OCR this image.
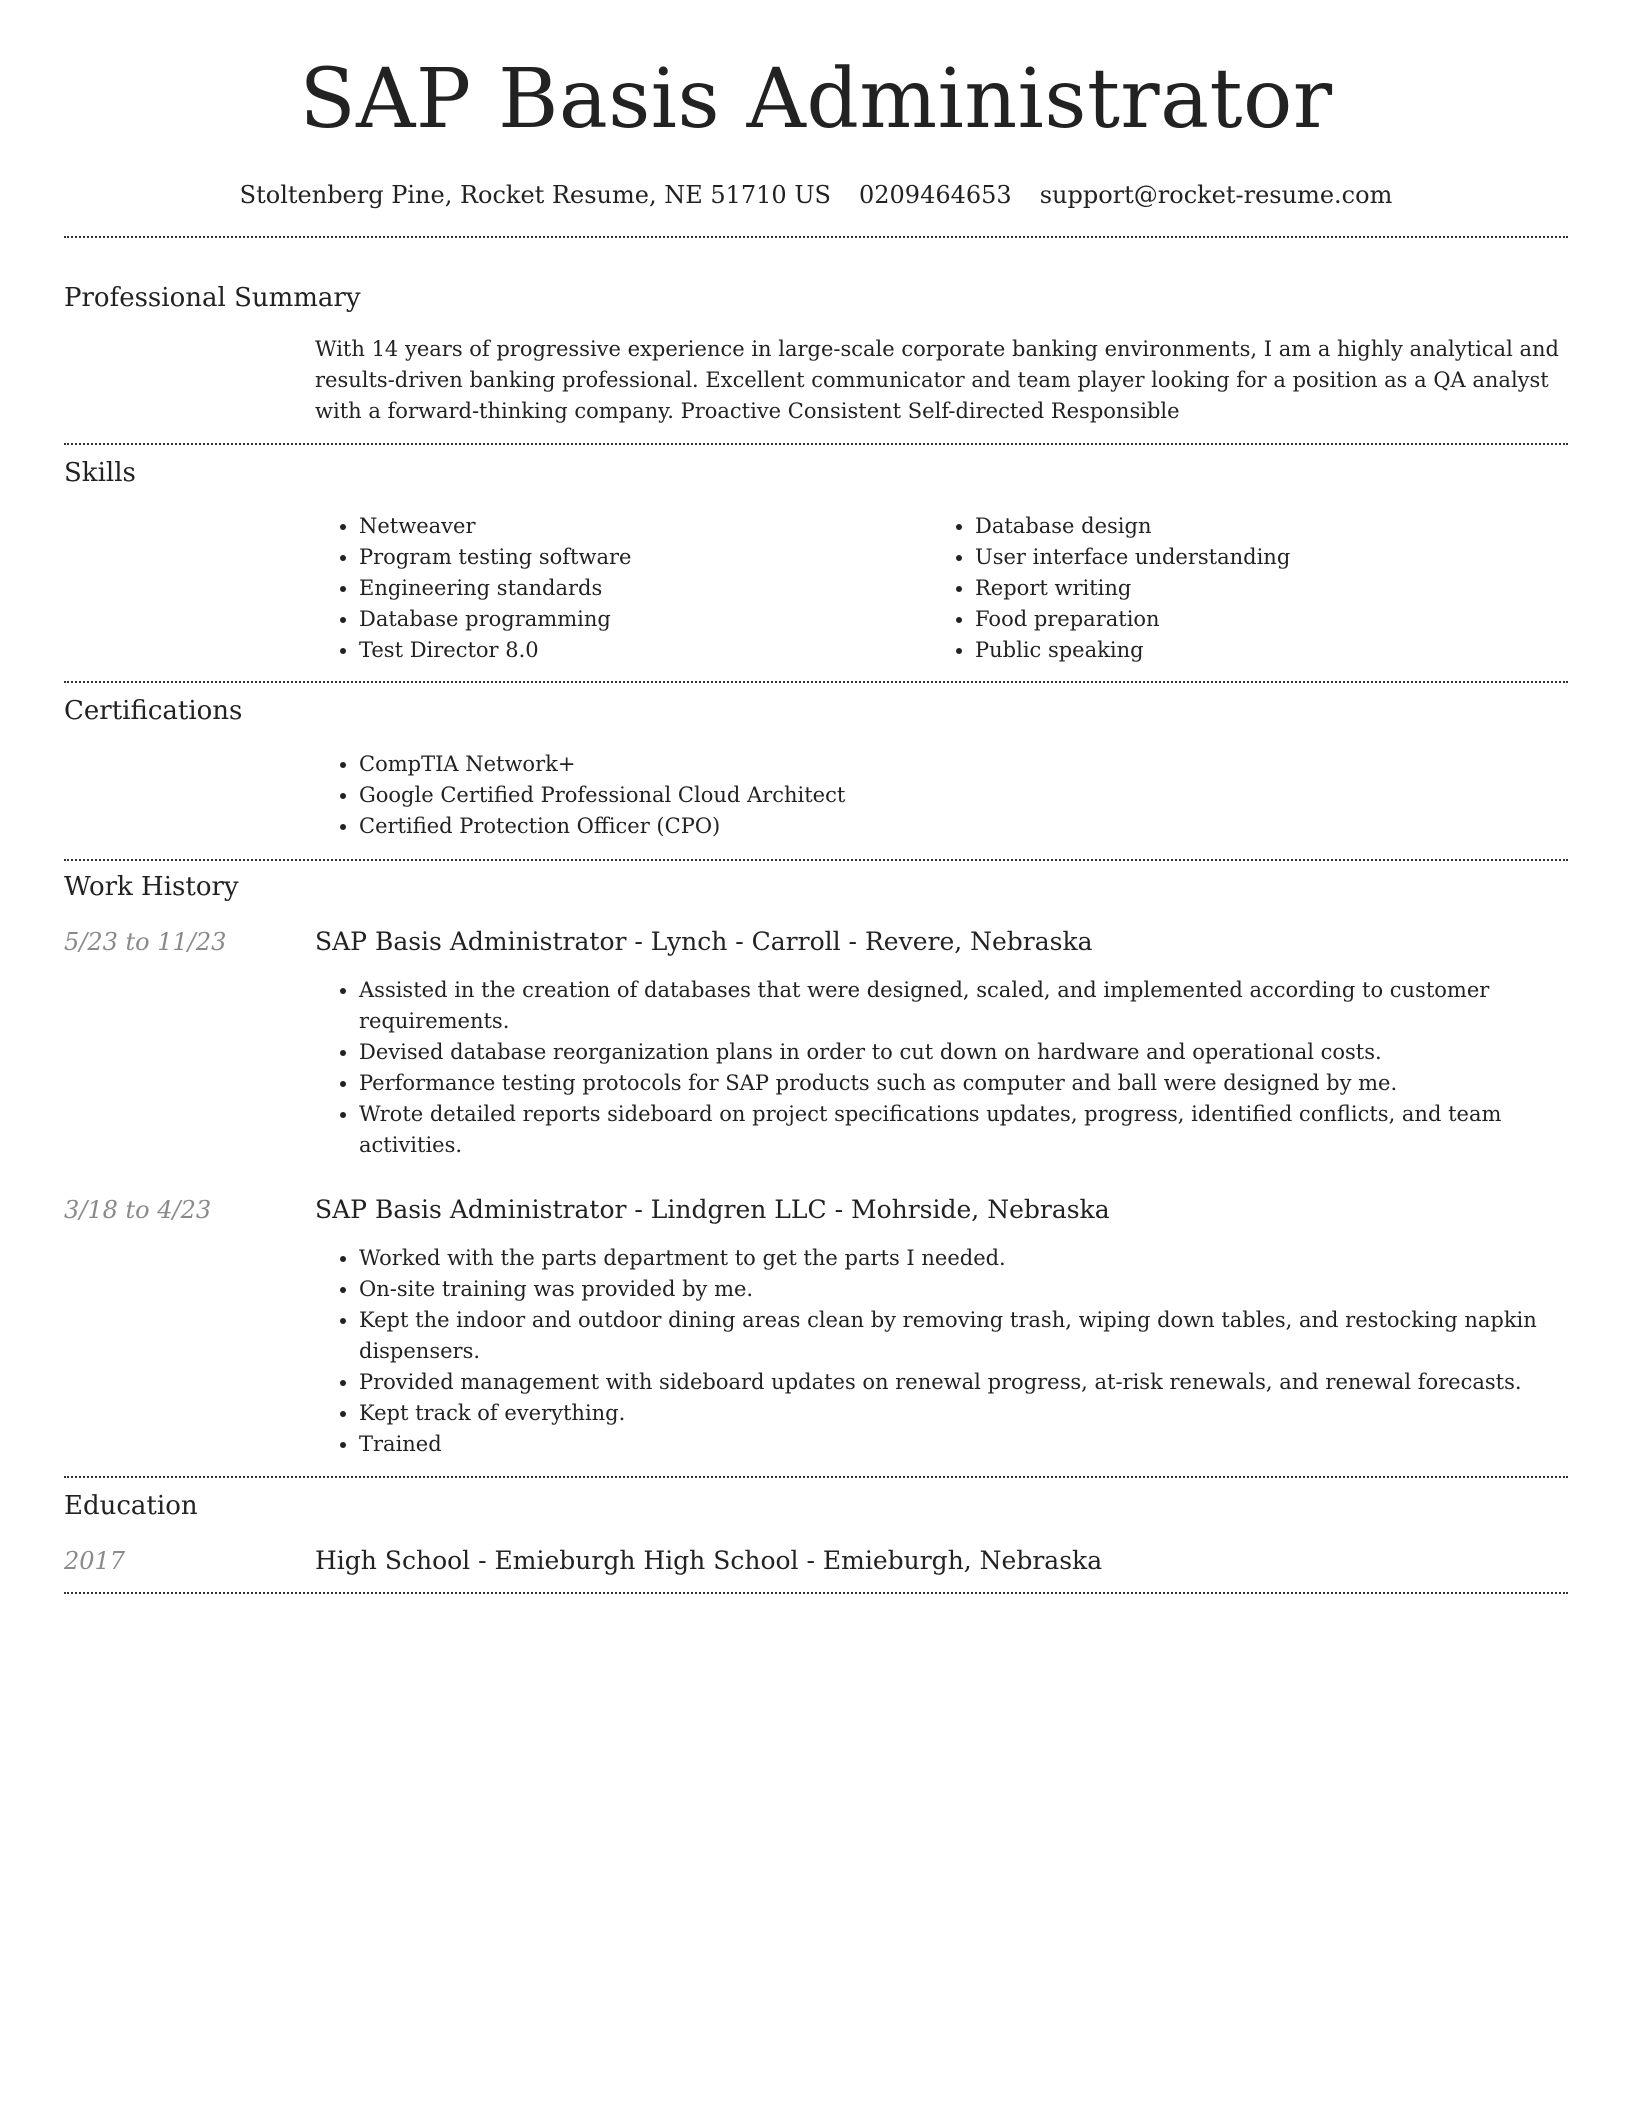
SAP Basis Administrator
Stoltenberg Pine, Rocket Resume, NE 51710 US 0209464653 support@rocket-resume.com
Professional Summary

With 14 years of progressive experience in large-scale corporate banking environments, I am a highly analytical and results-driven banking professional. Excellent communicator and team player looking for a position as a QA analyst with a forward-thinking company. Proactive Consistent Self-directed Responsible

Skills
• Netweaver
• Program testing software
• Engineering standards
• Database programming
• Test Director 8.0
• Database design
• User interface understanding
• Report writing
• Food preparation
• Public speaking
Certifications
• CompTIA Network+
• Google Certified Professional Cloud Architect
• Certified Protection Officer (CPO)
Work History
5/23 to 11/23	SAP Basis Administrator - Lynch - Carroll - Revere, Nebraska
• Assisted in the creation of databases that were designed, scaled, and implemented according to customer requirements.
• Devised database reorganization plans in order to cut down on hardware and operational costs.
• Performance testing protocols for SAP products such as computer and ball were designed by me.
• Wrote detailed reports sideboard on project specifications updates, progress, identified conflicts, and team activities.
3/18 to 4/23	SAP Basis Administrator - Lindgren LLC - Mohrside, Nebraska
• Worked with the parts department to get the parts I needed.
• On-site training was provided by me.
• Kept the indoor and outdoor dining areas clean by removing trash, wiping down tables, and restocking napkin dispensers.
• Provided management with sideboard updates on renewal progress, at-risk renewals, and renewal forecasts.
• Kept track of everything.
• Trained
Education
2017	High School - Emieburgh High School - Emieburgh, Nebraska
